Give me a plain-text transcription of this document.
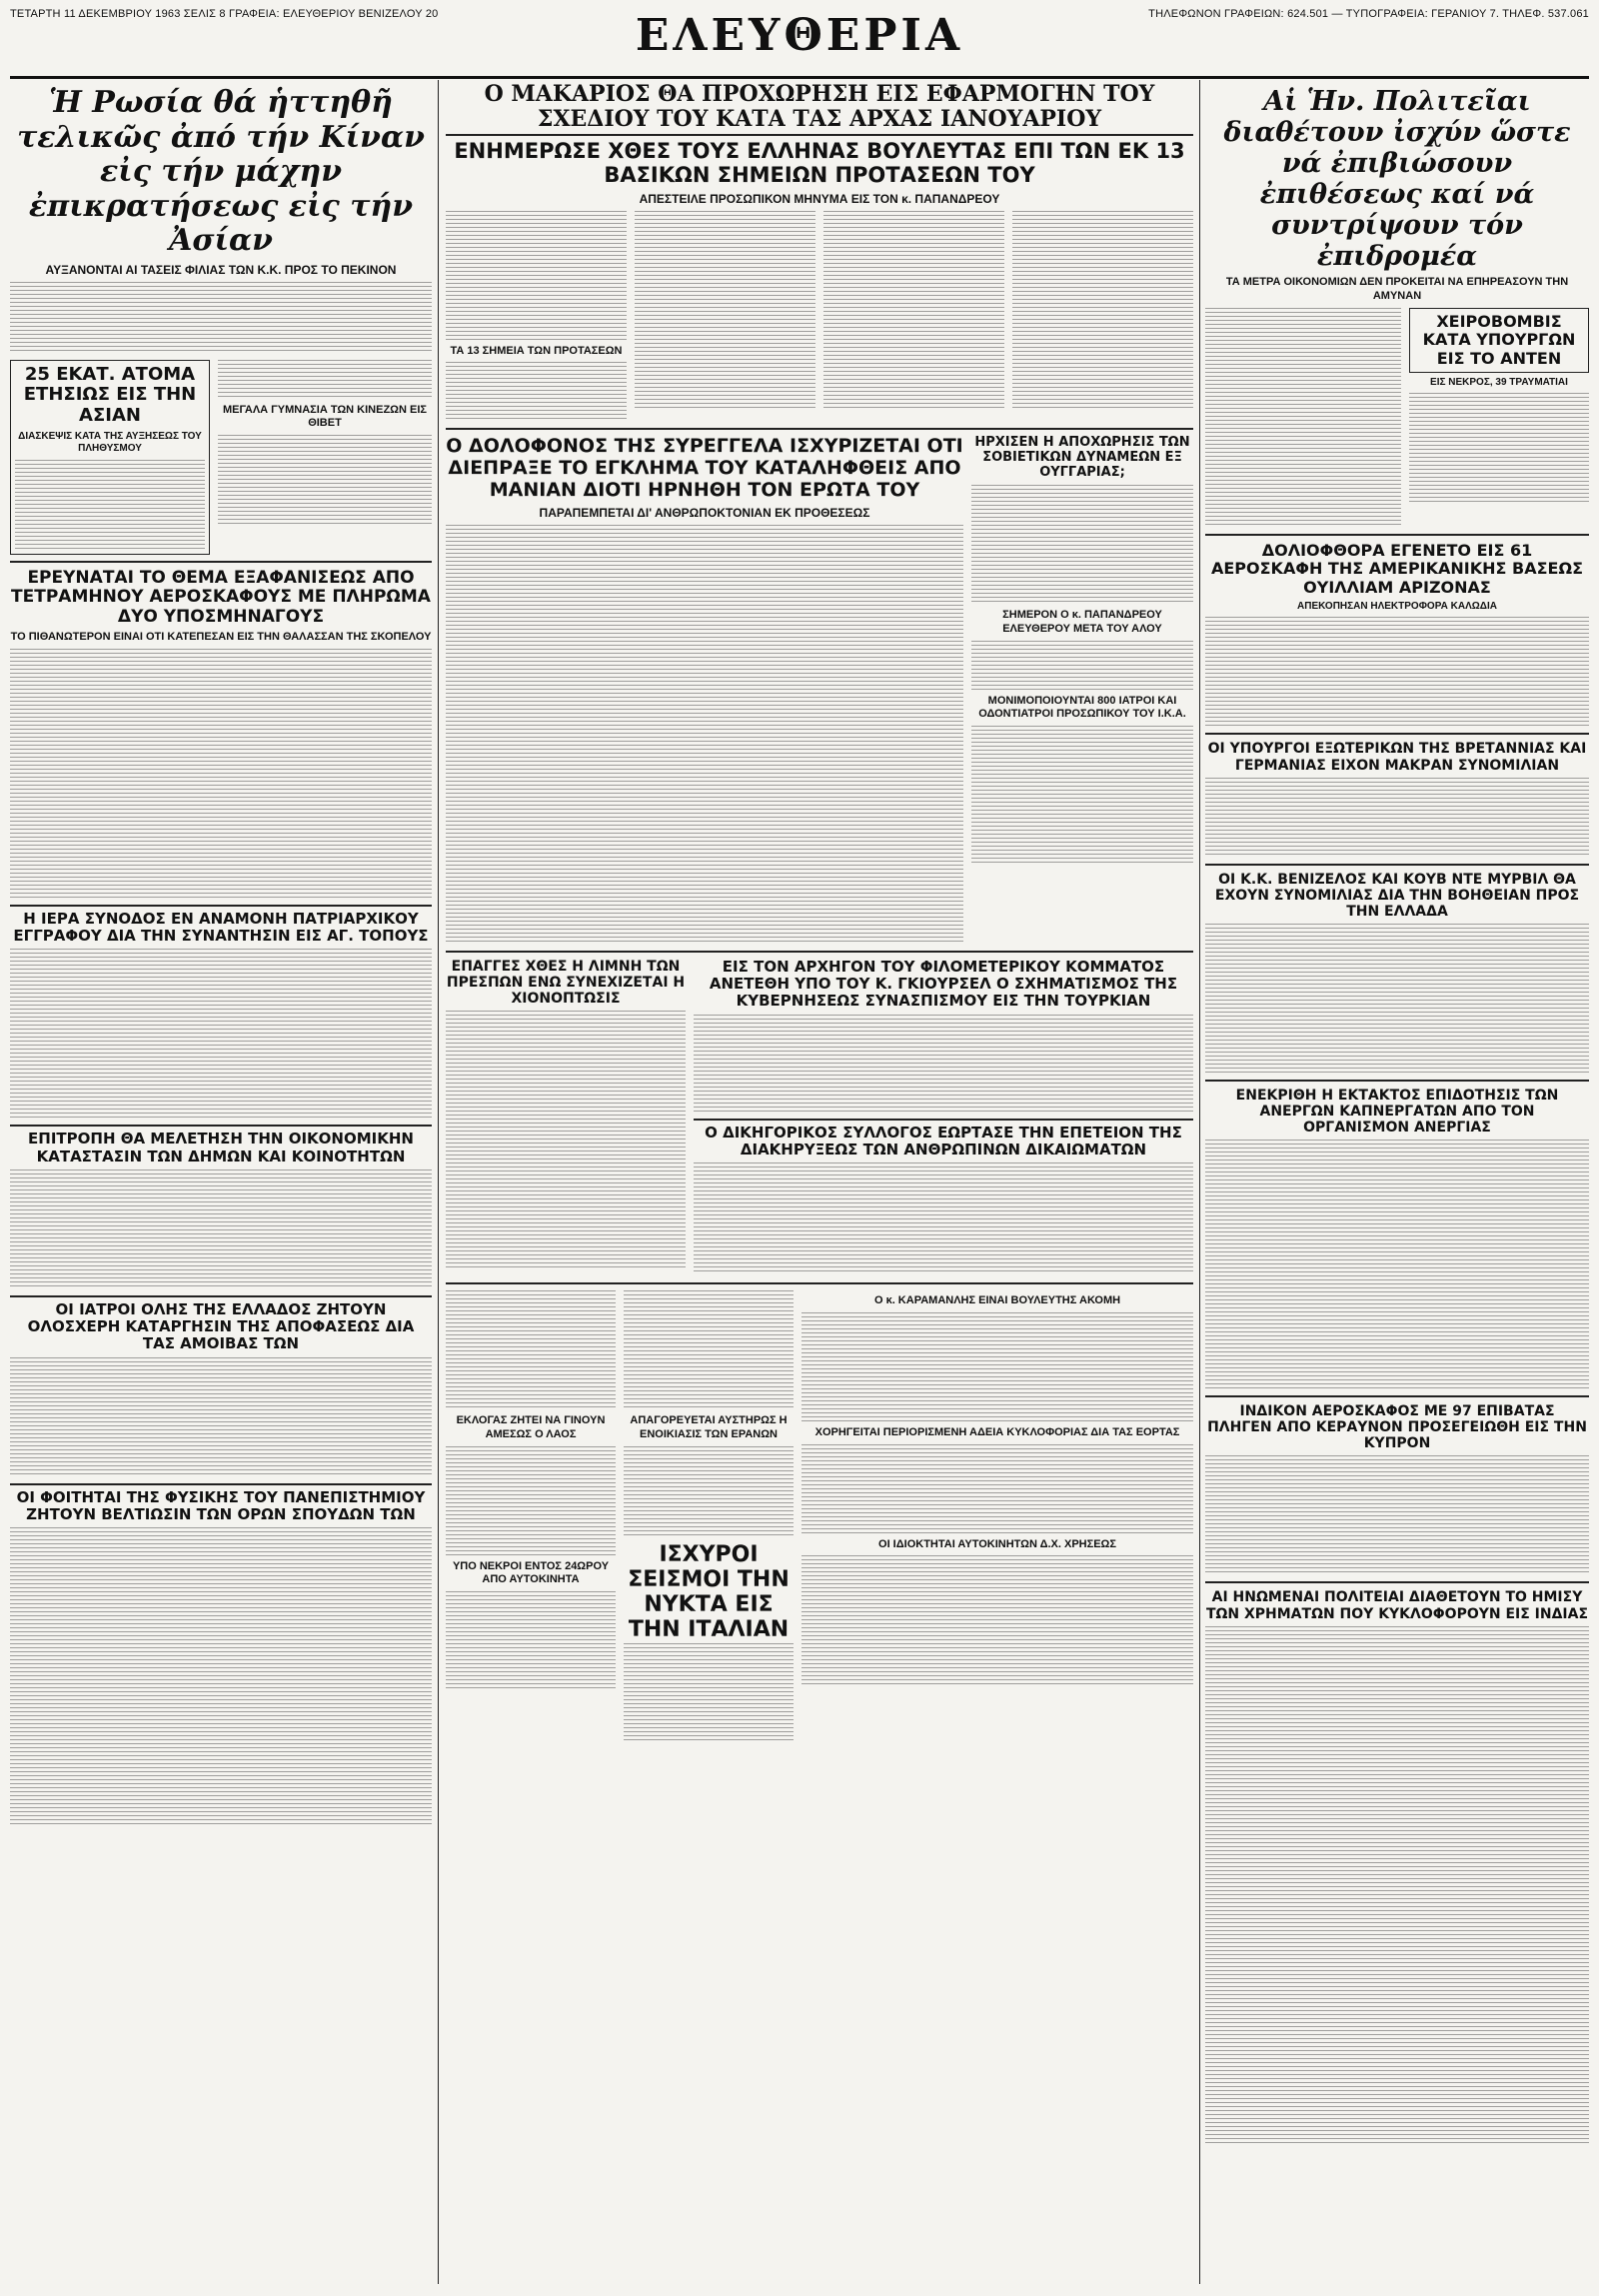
ΤΕΤΑΡΤΗ 11 ΔΕΚΕΜΒΡΙΟΥ 1963 ΣΕΛΙΣ 8 ΓΡΑΦΕΙΑ: ΕΛΕΥΘΕΡΙΟΥ ΒΕΝΙΖΕΛΟΥ 20	ΕΛΕΥΘΕΡΙΑ	ΤΗΛΕΦΩΝΟΝ ΓΡΑΦΕΙΩΝ: 624.501 — ΤΥΠΟΓΡΑΦΕΙΑ: ΓΕΡΑΝΙΟΥ 7. ΤΗΛΕΦ. 537.061
Ἡ Ρωσία θά ἡττηθῆ τελικῶς ἀπό τήν Κίναν εἰς τήν μάχην ἐπικρατήσεως εἰς τήν Ἀσίαν
ΑΥΞΑΝΟΝΤΑΙ ΑΙ ΤΑΣΕΙΣ ΦΙΛΙΑΣ ΤΩΝ Κ.Κ. ΠΡΟΣ ΤΟ ΠΕΚΙΝΟΝ
25 ΕΚΑΤ. ΑΤΟΜΑ ΕΤΗΣΙΩΣ ΕΙΣ ΤΗΝ ΑΣΙΑΝ
ΔΙΑΣΚΕΨΙΣ ΚΑΤΑ ΤΗΣ ΑΥΞΗΣΕΩΣ ΤΟΥ ΠΛΗΘΥΣΜΟΥ
ΜΕΓΑΛΑ ΓΥΜΝΑΣΙΑ ΤΩΝ ΚΙΝΕΖΩΝ ΕΙΣ ΘΙΒΕΤ
ΕΡΕΥΝΑΤΑΙ ΤΟ ΘΕΜΑ ΕΞΑΦΑΝΙΣΕΩΣ ΑΠΟ ΤΕΤΡΑΜΗΝΟΥ ΑΕΡΟΣΚΑΦΟΥΣ ΜΕ ΠΛΗΡΩΜΑ ΔΥΟ ΥΠΟΣΜΗΝΑΓΟΥΣ
ΤΟ ΠΙΘΑΝΩΤΕΡΟΝ ΕΙΝΑΙ ΟΤΙ ΚΑΤΕΠΕΣΑΝ ΕΙΣ ΤΗΝ ΘΑΛΑΣΣΑΝ ΤΗΣ ΣΚΟΠΕΛΟΥ
Η ΙΕΡΑ ΣΥΝΟΔΟΣ ΕΝ ΑΝΑΜΟΝΗ ΠΑΤΡΙΑΡΧΙΚΟΥ ΕΓΓΡΑΦΟΥ ΔΙΑ ΤΗΝ ΣΥΝΑΝΤΗΣΙΝ ΕΙΣ ΑΓ. ΤΟΠΟΥΣ
ΕΠΙΤΡΟΠΗ ΘΑ ΜΕΛΕΤΗΣΗ ΤΗΝ ΟΙΚΟΝΟΜΙΚΗΝ ΚΑΤΑΣΤΑΣΙΝ ΤΩΝ ΔΗΜΩΝ ΚΑΙ ΚΟΙΝΟΤΗΤΩΝ
ΟΙ ΙΑΤΡΟΙ ΟΛΗΣ ΤΗΣ ΕΛΛΑΔΟΣ ΖΗΤΟΥΝ ΟΛΟΣΧΕΡΗ ΚΑΤΑΡΓΗΣΙΝ ΤΗΣ ΑΠΟΦΑΣΕΩΣ ΔΙΑ ΤΑΣ ΑΜΟΙΒΑΣ ΤΩΝ
ΟΙ ΦΟΙΤΗΤΑΙ ΤΗΣ ΦΥΣΙΚΗΣ ΤΟΥ ΠΑΝΕΠΙΣΤΗΜΙΟΥ ΖΗΤΟΥΝ ΒΕΛΤΙΩΣΙΝ ΤΩΝ ΟΡΩΝ ΣΠΟΥΔΩΝ ΤΩΝ
Ο ΜΑΚΑΡΙΟΣ ΘΑ ΠΡΟΧΩΡΗΣΗ ΕΙΣ ΕΦΑΡΜΟΓΗΝ ΤΟΥ ΣΧΕΔΙΟΥ ΤΟΥ ΚΑΤΑ ΤΑΣ ΑΡΧΑΣ ΙΑΝΟΥΑΡΙΟΥ
ΕΝΗΜΕΡΩΣΕ ΧΘΕΣ ΤΟΥΣ ΕΛΛΗΝΑΣ ΒΟΥΛΕΥΤΑΣ ΕΠΙ ΤΩΝ ΕΚ 13 ΒΑΣΙΚΩΝ ΣΗΜΕΙΩΝ ΠΡΟΤΑΣΕΩΝ ΤΟΥ
ΑΠΕΣΤΕΙΛΕ ΠΡΟΣΩΠΙΚΟΝ ΜΗΝΥΜΑ ΕΙΣ ΤΟΝ κ. ΠΑΠΑΝΔΡΕΟΥ
ΤΑ 13 ΣΗΜΕΙΑ ΤΩΝ ΠΡΟΤΑΣΕΩΝ
Ο ΔΟΛΟΦΟΝΟΣ ΤΗΣ ΣΥΡΕΓΓΕΛΑ ΙΣΧΥΡΙΖΕΤΑΙ ΟΤΙ ΔΙΕΠΡΑΞΕ ΤΟ ΕΓΚΛΗΜΑ ΤΟΥ ΚΑΤΑΛΗΦΘΕΙΣ ΑΠΟ ΜΑΝΙΑΝ ΔΙΟΤΙ ΗΡΝΗΘΗ ΤΟΝ ΕΡΩΤΑ ΤΟΥ
ΠΑΡΑΠΕΜΠΕΤΑΙ ΔΙ' ΑΝΘΡΩΠΟΚΤΟΝΙΑΝ ΕΚ ΠΡΟΘΕΣΕΩΣ
ΗΡΧΙΣΕΝ Η ΑΠΟΧΩΡΗΣΙΣ ΤΩΝ ΣΟΒΙΕΤΙΚΩΝ ΔΥΝΑΜΕΩΝ ΕΞ ΟΥΓΓΑΡΙΑΣ;
ΣΗΜΕΡΟΝ Ο κ. ΠΑΠΑΝΔΡΕΟΥ ΕΛΕΥΘΕΡΟΥ ΜΕΤΑ ΤΟΥ ΑΛΟΥ
ΜΟΝΙΜΟΠΟΙΟΥΝΤΑΙ 800 ΙΑΤΡΟΙ ΚΑΙ ΟΔΟΝΤΙΑΤΡΟΙ ΠΡΟΣΩΠΙΚΟΥ ΤΟΥ Ι.Κ.Α.
ΕΠΑΓΓΕΣ ΧΘΕΣ Η ΛΙΜΝΗ ΤΩΝ ΠΡΕΣΠΩΝ ΕΝΩ ΣΥΝΕΧΙΖΕΤΑΙ Η ΧΙΟΝΟΠΤΩΣΙΣ
ΕΙΣ ΤΟΝ ΑΡΧΗΓΟΝ ΤΟΥ ΦΙΛΟΜΕΤΕΡΙΚΟΥ ΚΟΜΜΑΤΟΣ ΑΝΕΤΕΘΗ ΥΠΟ ΤΟΥ Κ. ΓΚΙΟΥΡΣΕΛ Ο ΣΧΗΜΑΤΙΣΜΟΣ ΤΗΣ ΚΥΒΕΡΝΗΣΕΩΣ ΣΥΝΑΣΠΙΣΜΟΥ ΕΙΣ ΤΗΝ ΤΟΥΡΚΙΑΝ
Ο ΔΙΚΗΓΟΡΙΚΟΣ ΣΥΛΛΟΓΟΣ ΕΩΡΤΑΣΕ ΤΗΝ ΕΠΕΤΕΙΟΝ ΤΗΣ ΔΙΑΚΗΡΥΞΕΩΣ ΤΩΝ ΑΝΘΡΩΠΙΝΩΝ ΔΙΚΑΙΩΜΑΤΩΝ
ΕΚΛΟΓΑΣ ΖΗΤΕΙ ΝΑ ΓΙΝΟΥΝ ΑΜΕΣΩΣ Ο ΛΑΟΣ
ΥΠΟ ΝΕΚΡΟΙ ΕΝΤΟΣ 24ΩΡΟΥ ΑΠΟ ΑΥΤΟΚΙΝΗΤΑ
ΑΠΑΓΟΡΕΥΕΤΑΙ ΑΥΣΤΗΡΩΣ Η ΕΝΟΙΚΙΑΣΙΣ ΤΩΝ ΕΡΑΝΩΝ
ΙΣΧΥΡΟΙ ΣΕΙΣΜΟΙ ΤΗΝ ΝΥΚΤΑ ΕΙΣ ΤΗΝ ΙΤΑΛΙΑΝ
Ο κ. ΚΑΡΑΜΑΝΛΗΣ ΕΙΝΑΙ ΒΟΥΛΕΥΤΗΣ ΑΚΟΜΗ
ΧΟΡΗΓΕΙΤΑΙ ΠΕΡΙΟΡΙΣΜΕΝΗ ΑΔΕΙΑ ΚΥΚΛΟΦΟΡΙΑΣ ΔΙΑ ΤΑΣ ΕΟΡΤΑΣ
ΟΙ ΙΔΙΟΚΤΗΤΑΙ ΑΥΤΟΚΙΝΗΤΩΝ Δ.Χ. ΧΡΗΣΕΩΣ
Αἱ Ἡν. Πολιτεῖαι διαθέτουν ἰσχύν ὥστε νά ἐπιβιώσουν ἐπιθέσεως καί νά συντρίψουν τόν ἐπιδρομέα
ΤΑ ΜΕΤΡΑ ΟΙΚΟΝΟΜΙΩΝ ΔΕΝ ΠΡΟΚΕΙΤΑΙ ΝΑ ΕΠΗΡΕΑΣΟΥΝ ΤΗΝ ΑΜΥΝΑΝ
ΧΕΙΡΟΒΟΜΒΙΣ ΚΑΤΑ ΥΠΟΥΡΓΩΝ ΕΙΣ ΤΟ ΑΝΤΕΝ
ΕΙΣ ΝΕΚΡΟΣ, 39 ΤΡΑΥΜΑΤΙΑΙ
ΔΟΛΙΟΦΘΟΡΑ ΕΓΕΝΕΤΟ ΕΙΣ 61 ΑΕΡΟΣΚΑΦΗ ΤΗΣ ΑΜΕΡΙΚΑΝΙΚΗΣ ΒΑΣΕΩΣ ΟΥΙΛΛΙΑΜ ΑΡΙΖΟΝΑΣ
ΑΠΕΚΟΠΗΣΑΝ ΗΛΕΚΤΡΟΦΟΡΑ ΚΑΛΩΔΙΑ
ΟΙ ΥΠΟΥΡΓΟΙ ΕΞΩΤΕΡΙΚΩΝ ΤΗΣ ΒΡΕΤΑΝΝΙΑΣ ΚΑΙ ΓΕΡΜΑΝΙΑΣ ΕΙΧΟΝ ΜΑΚΡΑΝ ΣΥΝΟΜΙΛΙΑΝ
ΟΙ Κ.Κ. ΒΕΝΙΖΕΛΟΣ ΚΑΙ ΚΟΥΒ ΝΤΕ ΜΥΡΒΙΛ ΘΑ ΕΧΟΥΝ ΣΥΝΟΜΙΛΙΑΣ ΔΙΑ ΤΗΝ ΒΟΗΘΕΙΑΝ ΠΡΟΣ ΤΗΝ ΕΛΛΑΔΑ
ΕΝΕΚΡΙΘΗ Η ΕΚΤΑΚΤΟΣ ΕΠΙΔΟΤΗΣΙΣ ΤΩΝ ΑΝΕΡΓΩΝ ΚΑΠΝΕΡΓΑΤΩΝ ΑΠΟ ΤΟΝ ΟΡΓΑΝΙΣΜΟΝ ΑΝΕΡΓΙΑΣ
ΙΝΔΙΚΟΝ ΑΕΡΟΣΚΑΦΟΣ ΜΕ 97 ΕΠΙΒΑΤΑΣ ΠΛΗΓΕΝ ΑΠΟ ΚΕΡΑΥΝΟΝ ΠΡΟΣΕΓΕΙΩΘΗ ΕΙΣ ΤΗΝ ΚΥΠΡΟΝ
ΑΙ ΗΝΩΜΕΝΑΙ ΠΟΛΙΤΕΙΑΙ ΔΙΑΘΕΤΟΥΝ ΤΟ ΗΜΙΣΥ ΤΩΝ ΧΡΗΜΑΤΩΝ ΠΟΥ ΚΥΚΛΟΦΟΡΟΥΝ ΕΙΣ ΙΝΔΙΑΣ
